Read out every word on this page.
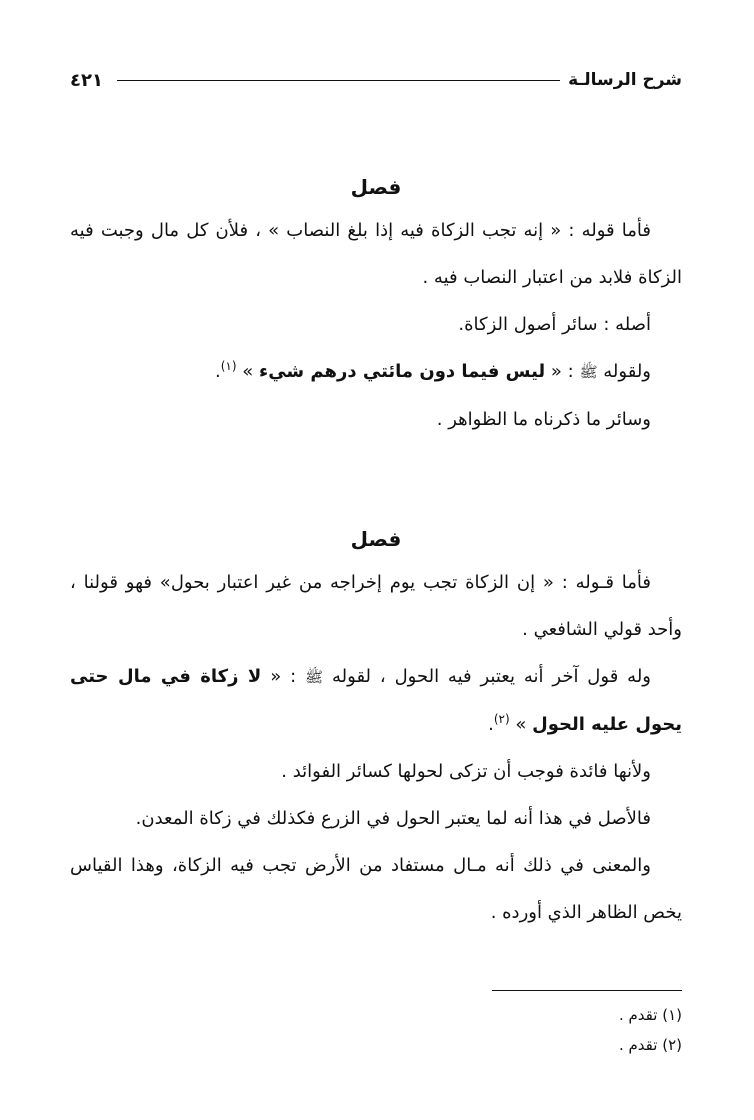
شرح الرسالـة
٤٢١
فصل

فأما قوله : « إنه تجب الزكاة فيه إذا بلغ النصاب » ، فلأن كل مال وجبت فيه الزكاة فلابد من اعتبار النصاب فيه .

أصله : سائر أصول الزكاة.

ولقوله ﷺ : « ليس فيما دون مائتي درهم شيء » $^{(١)}$.

وسائر ما ذكرناه ما الظواهر .

فصل

فأما قـوله : « إن الزكاة تجب يوم إخراجه من غير اعتبار بحول» فهو قولنا ، وأحد قولي الشافعي .

وله قول آخر أنه يعتبر فيه الحول ، لقوله ﷺ : « لا زكاة في مال حتى يحول عليه الحول » $^{(٢)}$.

ولأنها فائدة فوجب أن تزكى لحولها كسائر الفوائد .

فالأصل في هذا أنه لما يعتبر الحول في الزرع فكذلك في زكاة المعدن.

والمعنى في ذلك أنه مـال مستفاد من الأرض تجب فيه الزكاة، وهذا القياس يخص الظاهر الذي أورده .

(١) تقدم .

(٢) تقدم .
